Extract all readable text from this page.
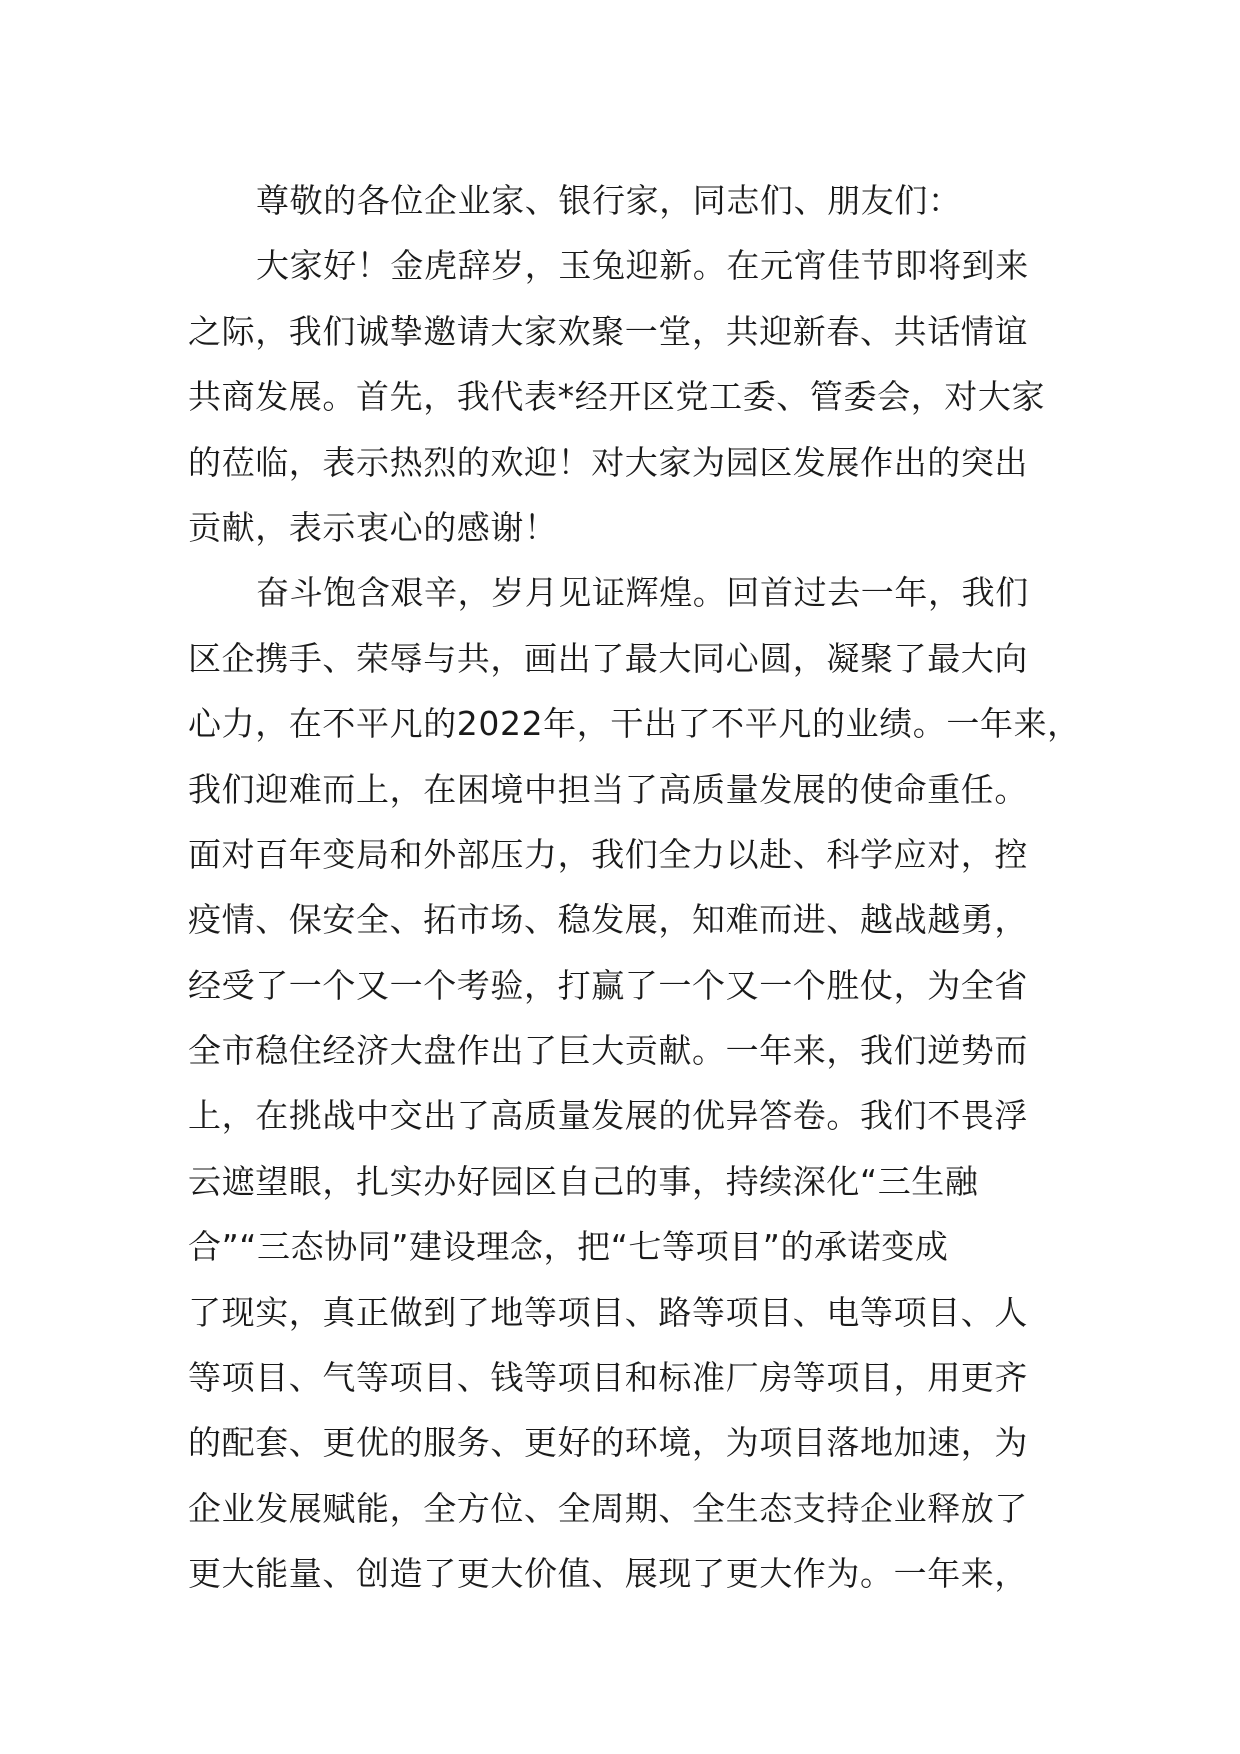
尊敬的各位企业家、银行家，同志们、朋友们：
大家好！金虎辞岁，玉兔迎新。在元宵佳节即将到来
之际，我们诚挚邀请大家欢聚一堂，共迎新春、共话情谊
共商发展。首先，我代表*经开区党工委、管委会，对大家
的莅临，表示热烈的欢迎！对大家为园区发展作出的突出
贡献，表示衷心的感谢！
奋斗饱含艰辛，岁月见证辉煌。回首过去一年，我们
区企携手、荣辱与共，画出了最大同心圆，凝聚了最大向
心力，在不平凡的2022年，干出了不平凡的业绩。一年来，
我们迎难而上，在困境中担当了高质量发展的使命重任。
面对百年变局和外部压力，我们全力以赴、科学应对，控
疫情、保安全、拓市场、稳发展，知难而进、越战越勇，
经受了一个又一个考验，打赢了一个又一个胜仗，为全省
全市稳住经济大盘作出了巨大贡献。一年来，我们逆势而
上，在挑战中交出了高质量发展的优异答卷。我们不畏浮
云遮望眼，扎实办好园区自己的事，持续深化“三生融
合”“三态协同”建设理念，把“七等项目”的承诺变成
了现实，真正做到了地等项目、路等项目、电等项目、人
等项目、气等项目、钱等项目和标准厂房等项目，用更齐
的配套、更优的服务、更好的环境，为项目落地加速，为
企业发展赋能，全方位、全周期、全生态支持企业释放了
更大能量、创造了更大价值、展现了更大作为。一年来，
